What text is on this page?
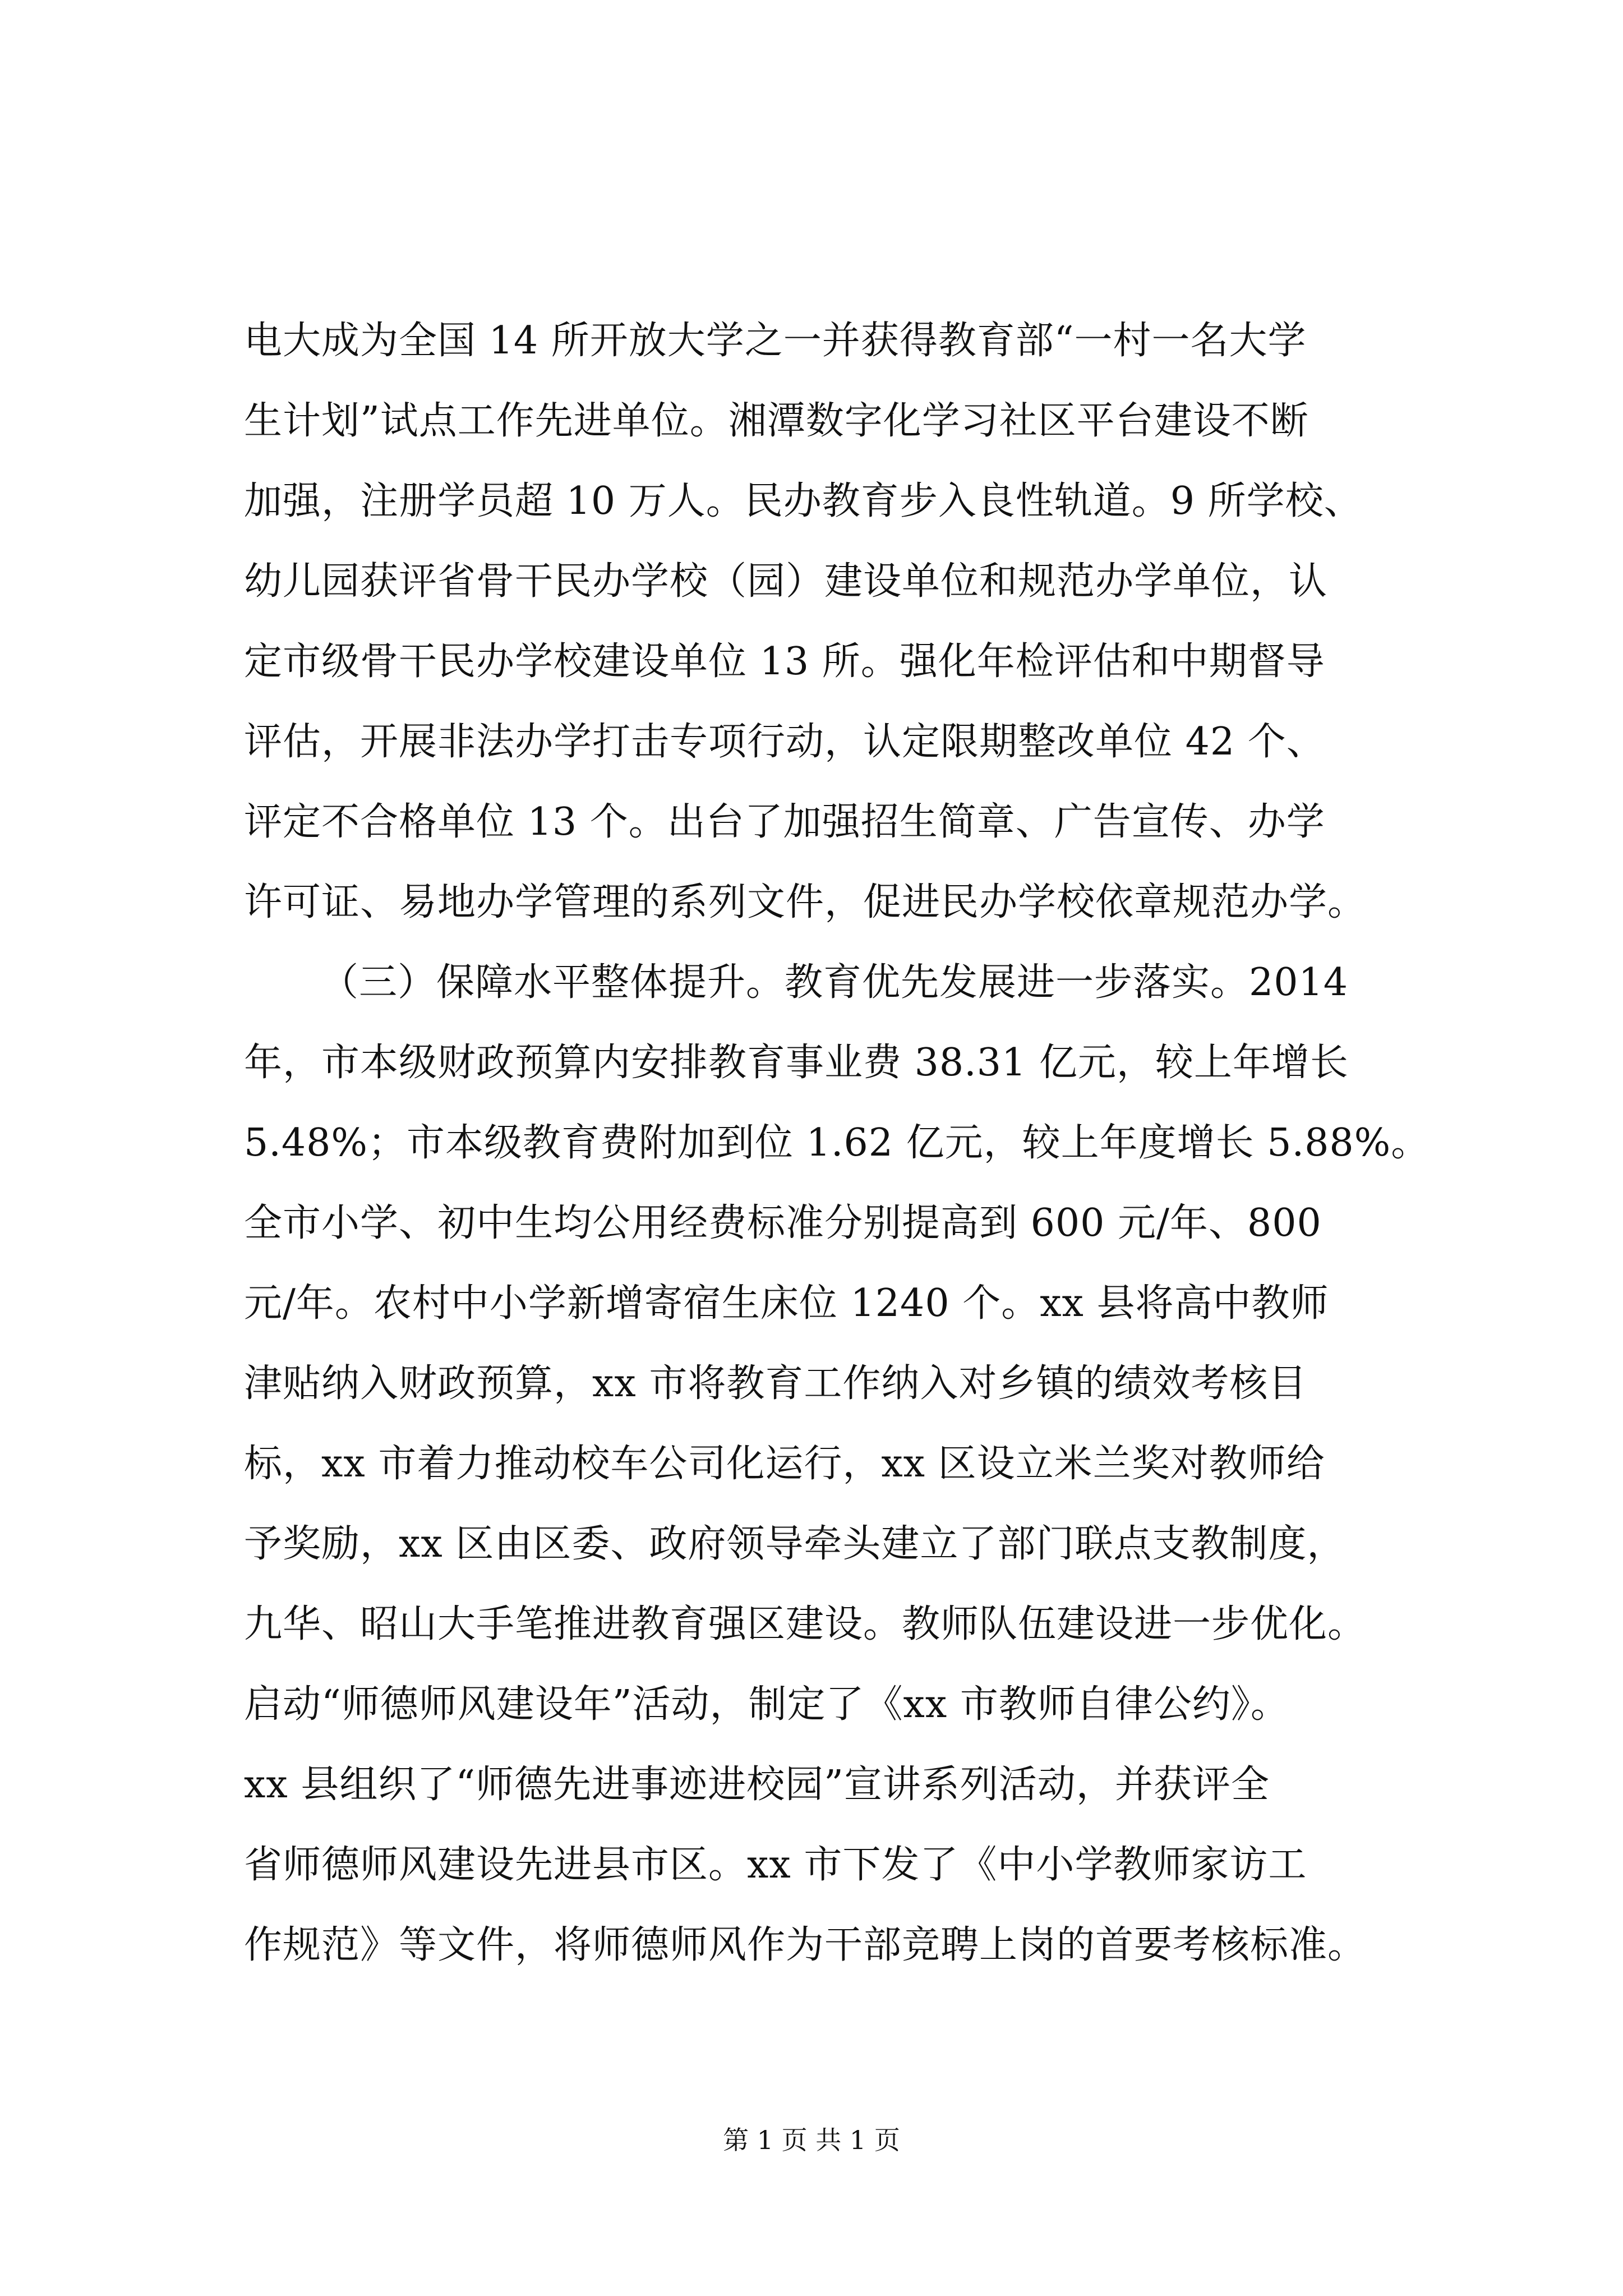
电大成为全国 14 所开放大学之一并获得教育部“一村一名大学
生计划”试点工作先进单位。湘潭数字化学习社区平台建设不断
加强，注册学员超 10 万人。民办教育步入良性轨道。9 所学校、
幼儿园获评省骨干民办学校（园）建设单位和规范办学单位，认
定市级骨干民办学校建设单位 13 所。强化年检评估和中期督导
评估，开展非法办学打击专项行动，认定限期整改单位 42 个、
评定不合格单位 13 个。出台了加强招生简章、广告宣传、办学
许可证、易地办学管理的系列文件，促进民办学校依章规范办学。
（三）保障水平整体提升。教育优先发展进一步落实。2014
年，市本级财政预算内安排教育事业费 38.31 亿元，较上年增长
5.48%；市本级教育费附加到位 1.62 亿元，较上年度增长 5.88%。
全市小学、初中生均公用经费标准分别提高到 600 元/年、800
元/年。农村中小学新增寄宿生床位 1240 个。xx 县将高中教师
津贴纳入财政预算，xx 市将教育工作纳入对乡镇的绩效考核目
标，xx 市着力推动校车公司化运行，xx 区设立米兰奖对教师给
予奖励，xx 区由区委、政府领导牵头建立了部门联点支教制度，
九华、昭山大手笔推进教育强区建设。教师队伍建设进一步优化。
启动“师德师风建设年”活动，制定了《xx 市教师自律公约》。
xx 县组织了“师德先进事迹进校园”宣讲系列活动，并获评全
省师德师风建设先进县市区。xx 市下发了《中小学教师家访工
作规范》等文件，将师德师风作为干部竞聘上岗的首要考核标准。
第 1 页 共 1 页
